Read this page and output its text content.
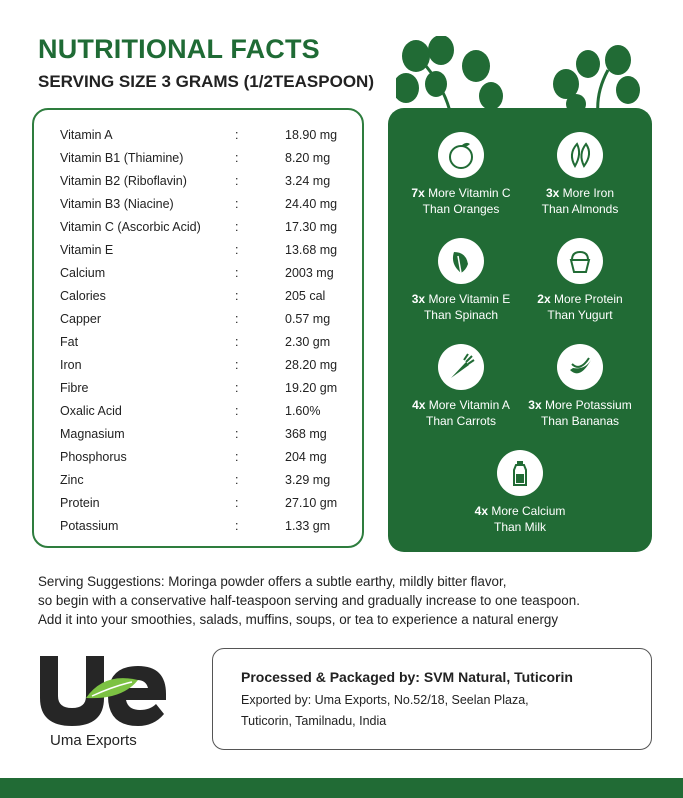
NUTRITIONAL FACTS
SERVING SIZE 3 GRAMS (1/2TEASPOON)
Vitamin A	:	18.90 mg
Vitamin B1 (Thiamine)	:	8.20 mg
Vitamin B2 (Riboflavin)	:	3.24 mg
Vitamin B3 (Niacine)	:	24.40 mg
Vitamin C (Ascorbic Acid)	:	17.30 mg
Vitamin E	:	13.68 mg
Calcium	:	2003 mg
Calories	:	205 cal
Capper	:	0.57 mg
Fat	:	2.30 gm
Iron	:	28.20 mg
Fibre	:	19.20 gm
Oxalic Acid	:	1.60%
Magnasium	:	368 mg
Phosphorus	:	204 mg
Zinc	:	3.29 mg
Protein	:	27.10 gm
Potassium	:	1.33 gm
7x More Vitamin C
Than Oranges
3x More Iron
Than Almonds
3x More Vitamin E
Than Spinach
2x More Protein
Than Yugurt
4x More Vitamin A
Than Carrots
3x More Potassium
Than Bananas
4x More Calcium
Than Milk
Serving Suggestions: Moringa powder offers a subtle earthy, mildly bitter flavor,
so begin with a conservative half-teaspoon serving and gradually increase to one teaspoon.
Add it into your smoothies, salads, muffins, soups, or tea to experience a natural energy
Uma Exports
Processed & Packaged by: SVM Natural, Tuticorin
Exported by: Uma Exports, No.52/18, Seelan Plaza,
Tuticorin, Tamilnadu, India
